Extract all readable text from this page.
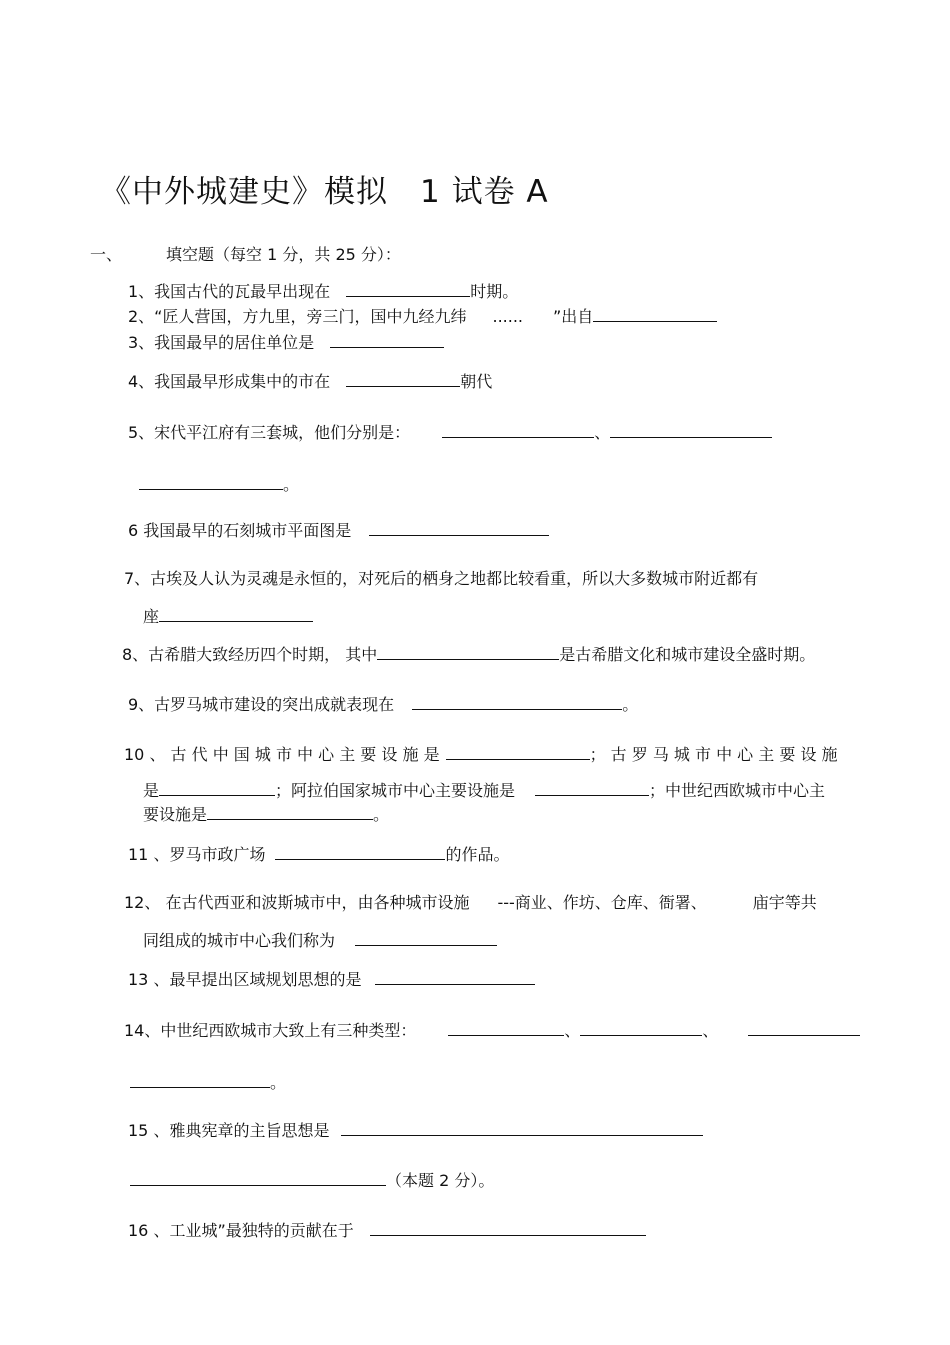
《中外城建史》模拟　1 试卷 A
一、	填空题（每空 1 分，共 25 分）：
1、我国古代的瓦最早出现在	时期。
2、“匠人营国，方九里，旁三门，国中九经九纬 ...... ”出自
3、我国最早的居住单位是
4、我国最早形成集中的市在	朝代
5、宋代平江府有三套城，他们分别是：	、
。
6 我国最早的石刻城市平面图是
7、古埃及人认为灵魂是永恒的，对死后的栖身之地都比较看重，所以大多数城市附近都有
座
8、古希腊大致经历四个时期， 其中	是古希腊文化和城市建设全盛时期。
9、古罗马城市建设的突出成就表现在	。
10 、 古 代 中 国 城 市 中 心 主 要 设 施 是	； 古 罗 马 城 市 中 心 主 要 设 施
是	；阿拉伯国家城市中心主要设施是	；中世纪西欧城市中心主
要设施是	。
11 、罗马市政广场	的作品。
12、 在古代西亚和波斯城市中，由各种城市设施 ---商业、作坊、仓库、衙署、	庙宇等共
同组成的城市中心我们称为
13 、最早提出区域规划思想的是
14、中世纪西欧城市大致上有三种类型：	、	、
。
15 、雅典宪章的主旨思想是
（本题 2 分）。
16 、工业城”最独特的贡献在于
